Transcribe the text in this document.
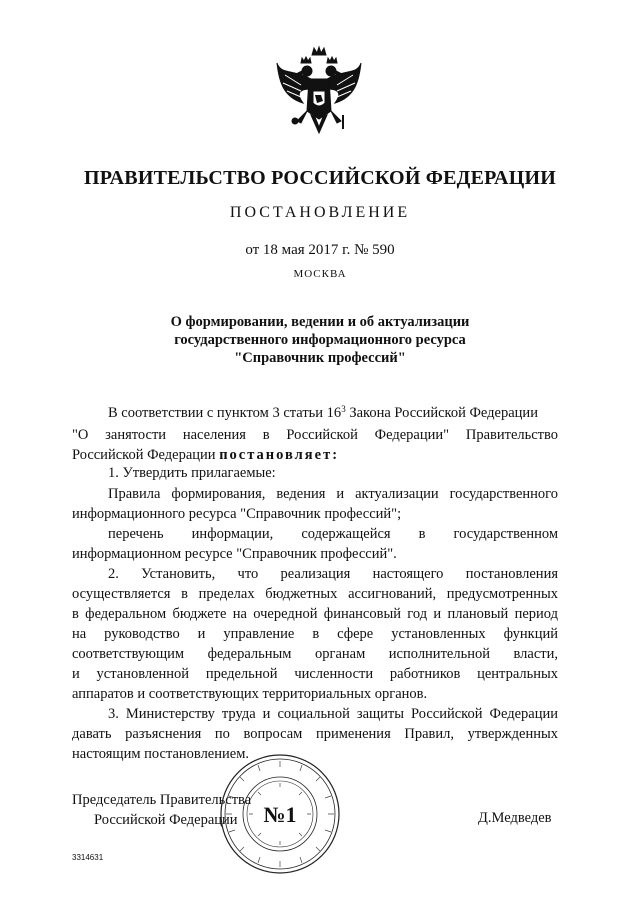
ПРАВИТЕЛЬСТВО РОССИЙСКОЙ ФЕДЕРАЦИИ
ПОСТАНОВЛЕНИЕ
от 18 мая 2017 г. № 590
МОСКВА
О формировании, ведении и об актуализации
государственного информационного ресурса
"Справочник профессий"
В соответствии с пунктом 3 статьи $16^3$ Закона Российской Федерации
"О занятости населения в Российской Федерации" Правительство
Российской Федерации постановляет:
1. Утвердить прилагаемые:
Правила формирования, ведения и актуализации государственного
информационного ресурса "Справочник профессий";
перечень информации, содержащейся в государственном
информационном ресурсе "Справочник профессий".
2. Установить, что реализация настоящего постановления
осуществляется в пределах бюджетных ассигнований, предусмотренных
в федеральном бюджете на очередной финансовый год и плановый период
на руководство и управление в сфере установленных функций
соответствующим федеральным органам исполнительной власти,
и установленной предельной численности работников центральных
аппаратов и соответствующих территориальных органов.
3. Министерству труда и социальной защиты Российской Федерации
давать разъяснения по вопросам применения Правил, утвержденных
настоящим постановлением.
Председатель Правительства
Российской Федерации	Д.Медведев
№1
3314631
